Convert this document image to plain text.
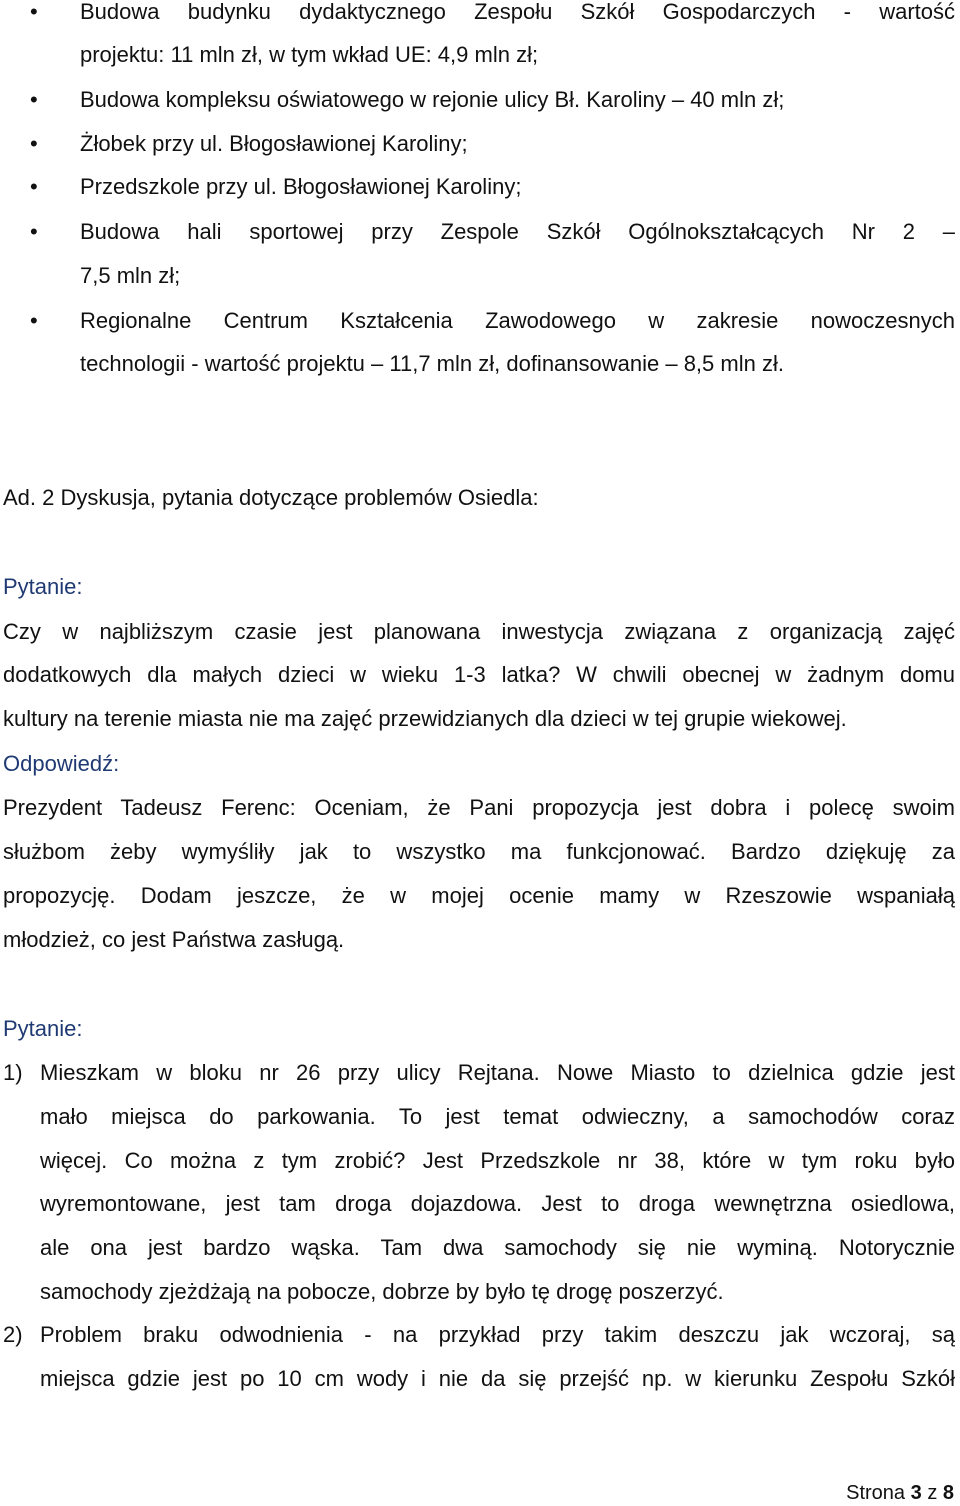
• Budowa budynku dydaktycznego Zespołu Szkół Gospodarczych - wartość
projektu: 11 mln zł, w tym wkład UE: 4,9 mln zł;
• Budowa kompleksu oświatowego w rejonie ulicy Bł. Karoliny – 40 mln zł;
• Żłobek przy ul. Błogosławionej Karoliny;
• Przedszkole przy ul. Błogosławionej Karoliny;
• Budowa hali sportowej przy Zespole Szkół Ogólnokształcących Nr 2 –
7,5 mln zł;
• Regionalne Centrum Kształcenia Zawodowego w zakresie nowoczesnych
technologii - wartość projektu – 11,7 mln zł, dofinansowanie – 8,5 mln zł.
Ad. 2 Dyskusja, pytania dotyczące problemów Osiedla:
Pytanie:
Czy w najbliższym czasie jest planowana inwestycja związana z organizacją zajęć
dodatkowych dla małych dzieci w wieku 1-3 latka? W chwili obecnej w żadnym domu
kultury na terenie miasta nie ma zajęć przewidzianych dla dzieci w tej grupie wiekowej.
Odpowiedź:
Prezydent Tadeusz Ferenc: Oceniam, że Pani propozycja jest dobra i polecę swoim
służbom żeby wymyśliły jak to wszystko ma funkcjonować. Bardzo dziękuję za
propozycję. Dodam jeszcze, że w mojej ocenie mamy w Rzeszowie wspaniałą
młodzież, co jest Państwa zasługą.
Pytanie:
1) Mieszkam w bloku nr 26 przy ulicy Rejtana. Nowe Miasto to dzielnica gdzie jest
mało miejsca do parkowania. To jest temat odwieczny, a samochodów coraz
więcej. Co można z tym zrobić? Jest Przedszkole nr 38, które w tym roku było
wyremontowane, jest tam droga dojazdowa. Jest to droga wewnętrzna osiedlowa,
ale ona jest bardzo wąska. Tam dwa samochody się nie wyminą. Notorycznie
samochody zjeżdżają na pobocze, dobrze by było tę drogę poszerzyć.
2) Problem braku odwodnienia - na przykład przy takim deszczu jak wczoraj, są
miejsca gdzie jest po 10 cm wody i nie da się przejść np. w kierunku Zespołu Szkół
Strona 3 z 8
